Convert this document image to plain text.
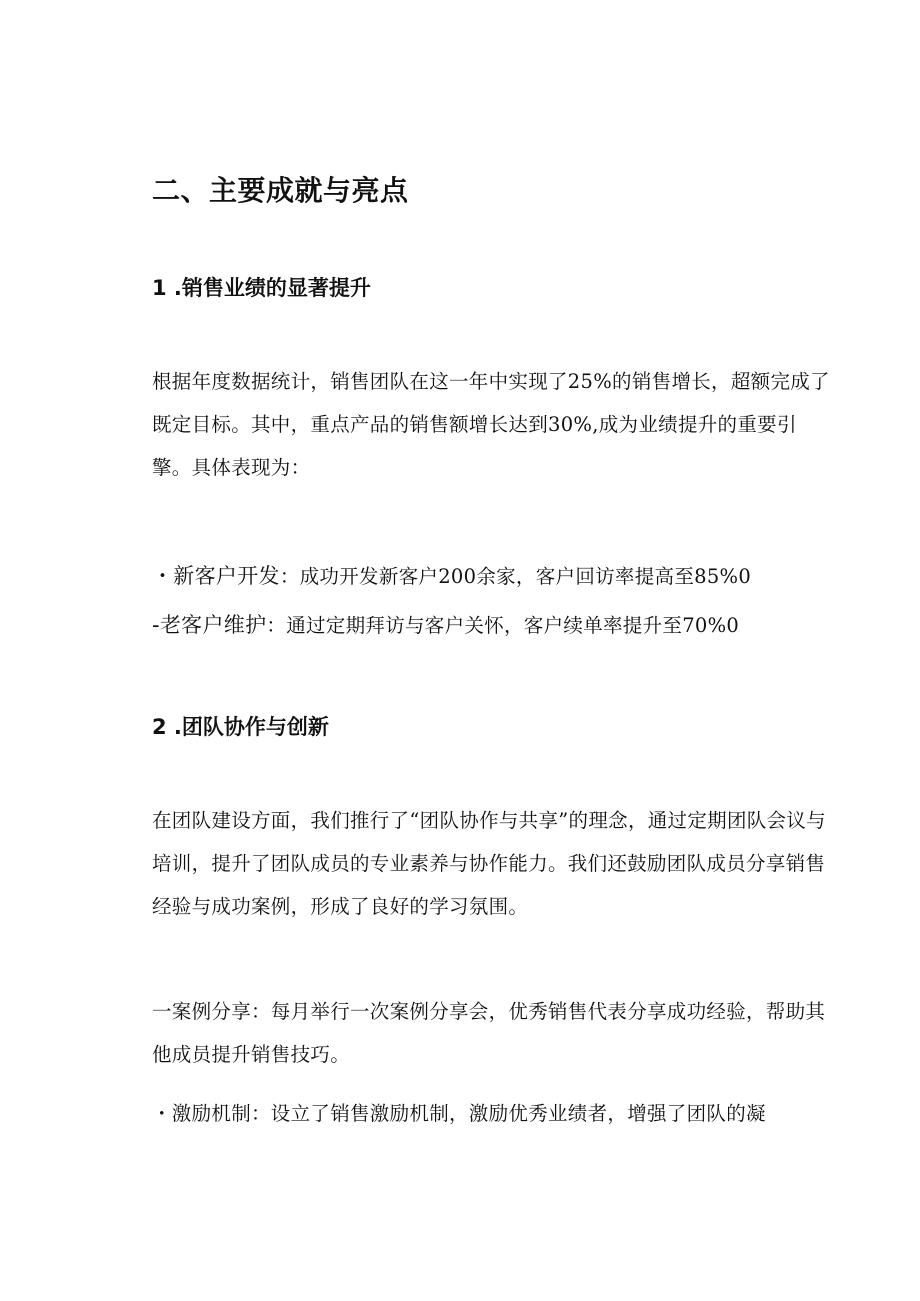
二、主要成就与亮点
1 .销售业绩的显著提升

根据年度数据统计，销售团队在这一年中实现了25%的销售增长，超额完成了既定目标。其中，重点产品的销售额增长达到30%,成为业绩提升的重要引擎。具体表现为：

・新客户开发：成功开发新客户200余家，客户回访率提高至85%0
-老客户维护：通过定期拜访与客户关怀，客户续单率提升至70%0
2 .团队协作与创新

在团队建设方面，我们推行了“团队协作与共享”的理念，通过定期团队会议与培训，提升了团队成员的专业素养与协作能力。我们还鼓励团队成员分享销售经验与成功案例，形成了良好的学习氛围。

一案例分享：每月举行一次案例分享会，优秀销售代表分享成功经验，帮助其他成员提升销售技巧。

・激励机制：设立了销售激励机制，激励优秀业绩者，增强了团队的凝
